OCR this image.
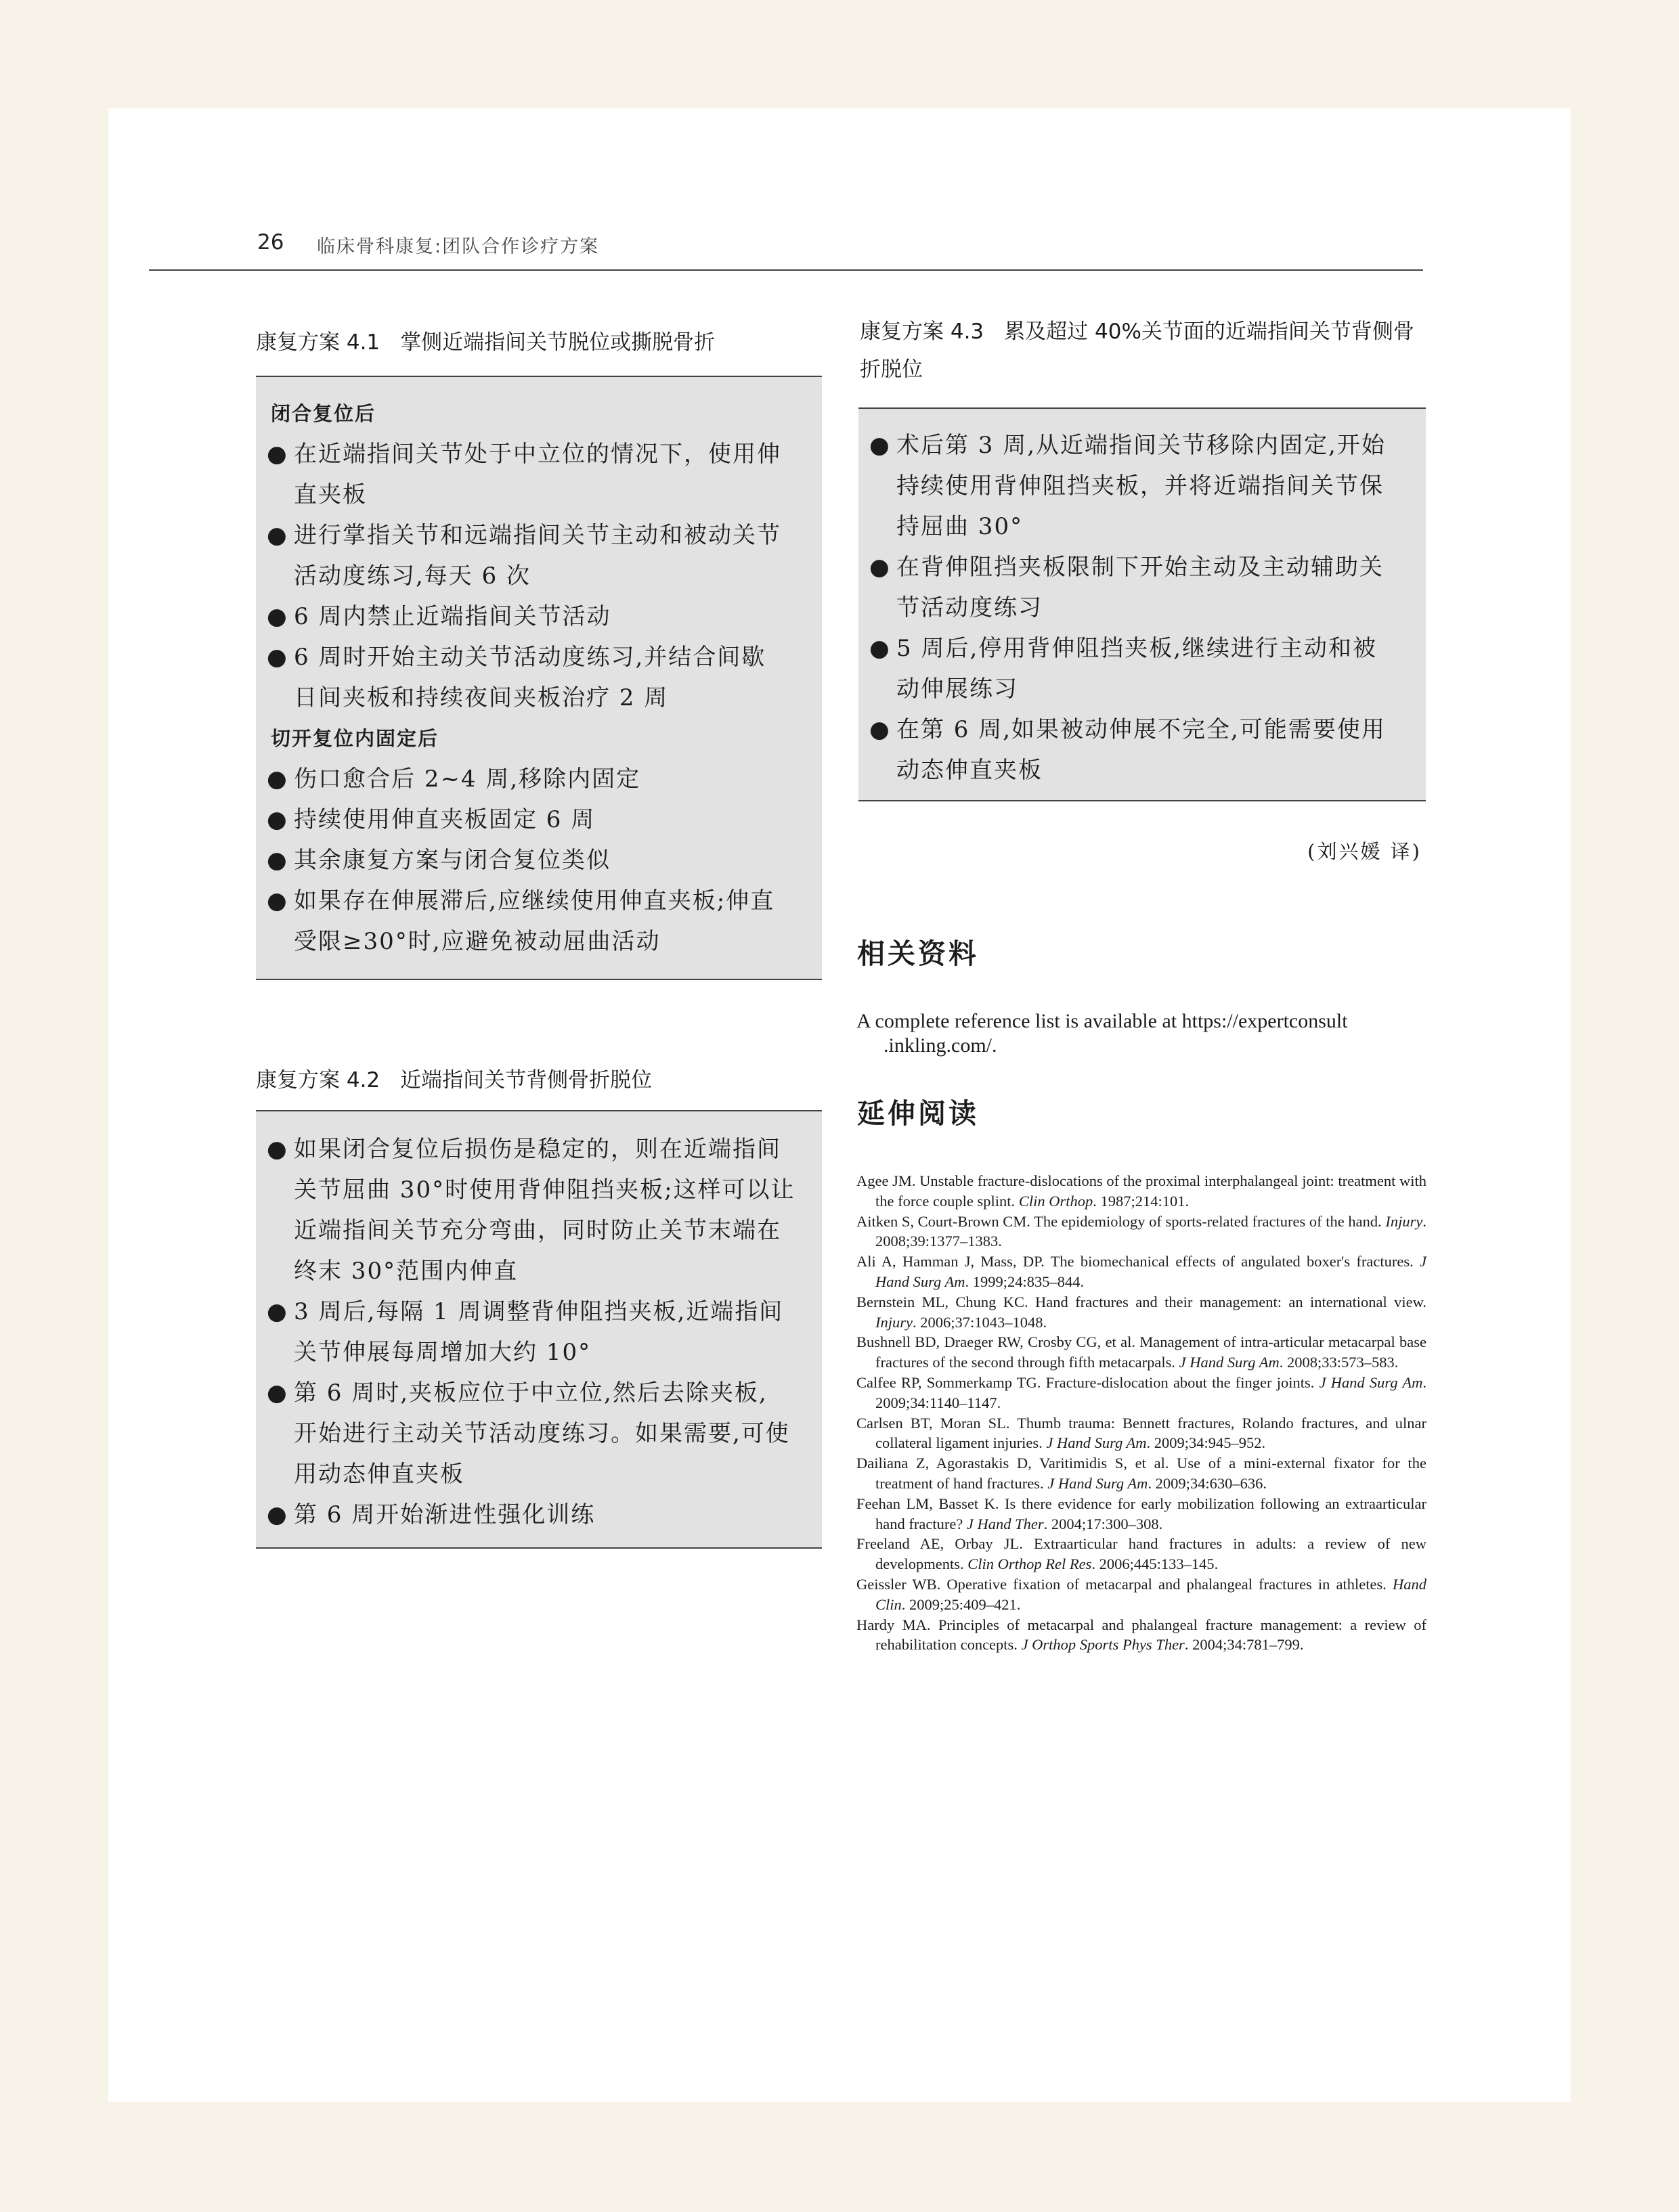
26 临床骨科康复:团队合作诊疗方案
康复方案 4.1 掌侧近端指间关节脱位或撕脱骨折
闭合复位后
● 在近端指间关节处于中立位的情况下，使用伸
直夹板
● 进行掌指关节和远端指间关节主动和被动关节
活动度练习,每天 6 次
● 6 周内禁止近端指间关节活动
● 6 周时开始主动关节活动度练习,并结合间歇
日间夹板和持续夜间夹板治疗 2 周
切开复位内固定后
● 伤口愈合后 2~4 周,移除内固定
● 持续使用伸直夹板固定 6 周
● 其余康复方案与闭合复位类似
● 如果存在伸展滞后,应继续使用伸直夹板;伸直
受限≥30°时,应避免被动屈曲活动
康复方案 4.2 近端指间关节背侧骨折脱位
● 如果闭合复位后损伤是稳定的，则在近端指间
关节屈曲 30°时使用背伸阻挡夹板;这样可以让
近端指间关节充分弯曲，同时防止关节末端在
终末 30°范围内伸直
● 3 周后,每隔 1 周调整背伸阻挡夹板,近端指间
关节伸展每周增加大约 10°
● 第 6 周时,夹板应位于中立位,然后去除夹板,
开始进行主动关节活动度练习。如果需要,可使
用动态伸直夹板
● 第 6 周开始渐进性强化训练
康复方案 4.3 累及超过 40%关节面的近端指间关节背侧骨
折脱位
● 术后第 3 周,从近端指间关节移除内固定,开始
持续使用背伸阻挡夹板，并将近端指间关节保
持屈曲 30°
● 在背伸阻挡夹板限制下开始主动及主动辅助关
节活动度练习
● 5 周后,停用背伸阻挡夹板,继续进行主动和被
动伸展练习
● 在第 6 周,如果被动伸展不完全,可能需要使用
动态伸直夹板
(刘兴媛 译)
相关资料
A complete reference list is available at https://expertconsult
.inkling.com/.
延伸阅读
Agee JM. Unstable fracture-dislocations of the proximal interphalangeal joint: treatment with the force couple splint. Clin Orthop. 1987;214:101.
Aitken S, Court-Brown CM. The epidemiology of sports-related fractures of the hand. Injury. 2008;39:1377–1383.
Ali A, Hamman J, Mass, DP. The biomechanical effects of angulated boxer's fractures. J Hand Surg Am. 1999;24:835–844.
Bernstein ML, Chung KC. Hand fractures and their management: an international view. Injury. 2006;37:1043–1048.
Bushnell BD, Draeger RW, Crosby CG, et al. Management of intra-articular metacarpal base fractures of the second through fifth metacarpals. J Hand Surg Am. 2008;33:573–583.
Calfee RP, Sommerkamp TG. Fracture-dislocation about the finger joints. J Hand Surg Am. 2009;34:1140–1147.
Carlsen BT, Moran SL. Thumb trauma: Bennett fractures, Rolando fractures, and ulnar collateral ligament injuries. J Hand Surg Am. 2009;34:945–952.
Dailiana Z, Agorastakis D, Varitimidis S, et al. Use of a mini-external fixator for the treatment of hand fractures. J Hand Surg Am. 2009;34:630–636.
Feehan LM, Basset K. Is there evidence for early mobilization following an extraarticular hand fracture? J Hand Ther. 2004;17:300–308.
Freeland AE, Orbay JL. Extraarticular hand fractures in adults: a review of new developments. Clin Orthop Rel Res. 2006;445:133–145.
Geissler WB. Operative fixation of metacarpal and phalangeal fractures in athletes. Hand Clin. 2009;25:409–421.
Hardy MA. Principles of metacarpal and phalangeal fracture management: a review of rehabilitation concepts. J Orthop Sports Phys Ther. 2004;34:781–799.
